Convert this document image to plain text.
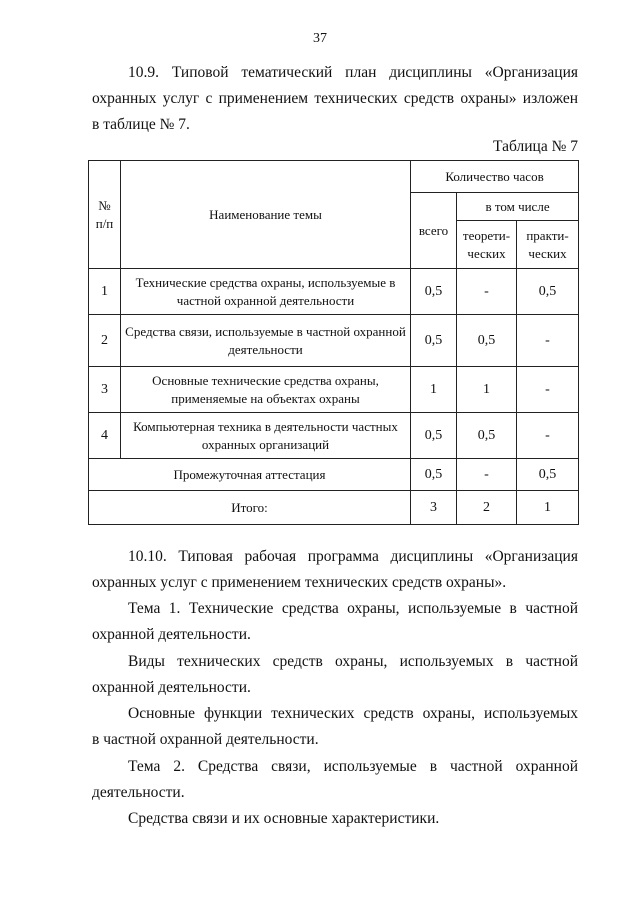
37
10.9. Типовой тематический план дисциплины «Организация
охранных услуг с применением технических средств охраны» изложен
в таблице № 7.
Таблица № 7
№ п/п	Наименование темы	Количество часов		
		всего	в том числе	
			теорети-ческих	практи-ческих
1	Технические средства охраны, используемые в частной охранной деятельности	0,5	-	0,5
2	Средства связи, используемые в частной охранной деятельности	0,5	0,5	-
3	Основные технические средства охраны, применяемые на объектах охраны	1	1	-
4	Компьютерная техника в деятельности частных охранных организаций	0,5	0,5	-
Промежуточная аттестация		0,5	-	0,5
Итого:		3	2	1
10.10. Типовая рабочая программа дисциплины «Организация
охранных услуг с применением технических средств охраны».
Тема 1. Технические средства охраны, используемые в частной
охранной деятельности.
Виды технических средств охраны, используемых в частной
охранной деятельности.
Основные функции технических средств охраны, используемых
в частной охранной деятельности.
Тема 2. Средства связи, используемые в частной охранной
деятельности.
Средства связи и их основные характеристики.
